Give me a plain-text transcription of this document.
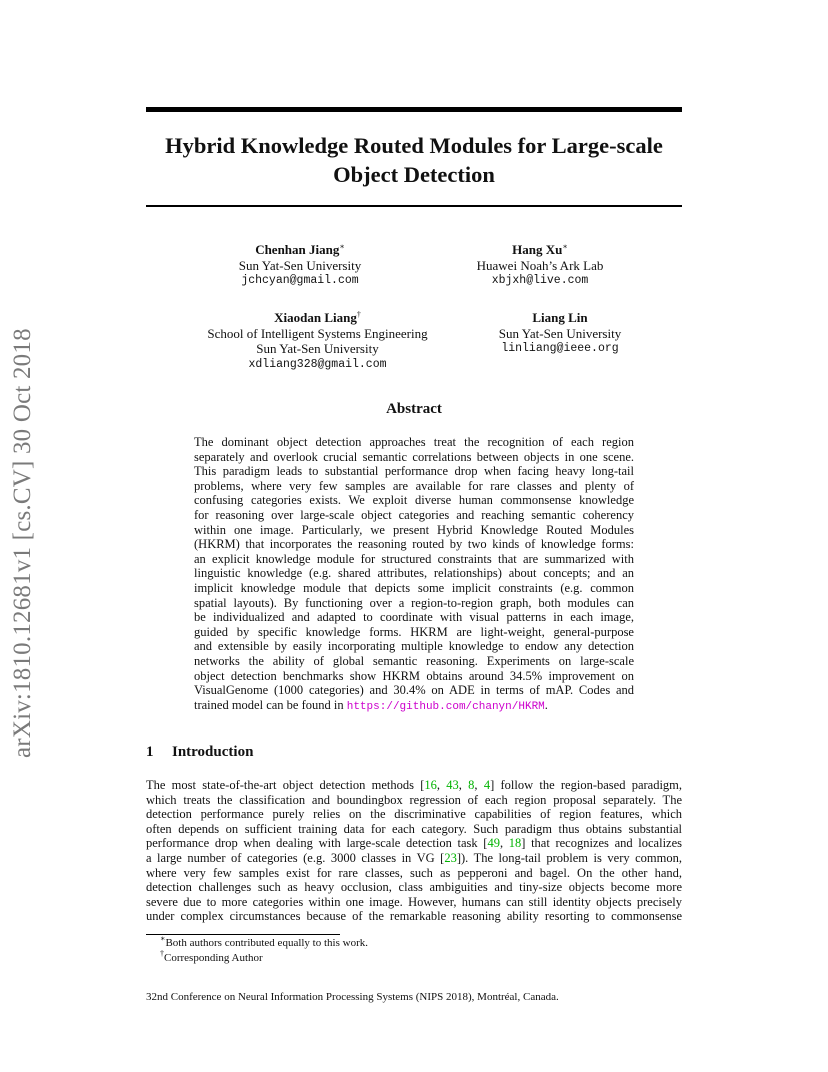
arXiv:1810.12681v1 [cs.CV] 30 Oct 2018
Hybrid Knowledge Routed Modules for Large-scale
Object Detection
Chenhan Jiang∗
Sun Yat-Sen University
jchcyan@gmail.com
Hang Xu∗
Huawei Noah’s Ark Lab
xbjxh@live.com
Xiaodan Liang†
School of Intelligent Systems Engineering
Sun Yat-Sen University
xdliang328@gmail.com
Liang Lin
Sun Yat-Sen University
linliang@ieee.org
Abstract
The dominant object detection approaches treat the recognition of each region
separately and overlook crucial semantic correlations between objects in one scene.
This paradigm leads to substantial performance drop when facing heavy long-tail
problems, where very few samples are available for rare classes and plenty of
confusing categories exists. We exploit diverse human commonsense knowledge
for reasoning over large-scale object categories and reaching semantic coherency
within one image. Particularly, we present Hybrid Knowledge Routed Modules
(HKRM) that incorporates the reasoning routed by two kinds of knowledge forms:
an explicit knowledge module for structured constraints that are summarized with
linguistic knowledge (e.g. shared attributes, relationships) about concepts; and an
implicit knowledge module that depicts some implicit constraints (e.g. common
spatial layouts). By functioning over a region-to-region graph, both modules can
be individualized and adapted to coordinate with visual patterns in each image,
guided by specific knowledge forms. HKRM are light-weight, general-purpose
and extensible by easily incorporating multiple knowledge to endow any detection
networks the ability of global semantic reasoning. Experiments on large-scale
object detection benchmarks show HKRM obtains around 34.5% improvement on
VisualGenome (1000 categories) and 30.4% on ADE in terms of mAP. Codes and
trained model can be found in https://github.com/chanyn/HKRM.
1 Introduction
The most state-of-the-art object detection methods [16, 43, 8, 4] follow the region-based paradigm,
which treats the classification and boundingbox regression of each region proposal separately. The
detection performance purely relies on the discriminative capabilities of region features, which
often depends on sufficient training data for each category. Such paradigm thus obtains substantial
performance drop when dealing with large-scale detection task [49, 18] that recognizes and localizes
a large number of categories (e.g. 3000 classes in VG [23]). The long-tail problem is very common,
where very few samples exist for rare classes, such as pepperoni and bagel. On the other hand,
detection challenges such as heavy occlusion, class ambiguities and tiny-size objects become more
severe due to more categories within one image. However, humans can still identity objects precisely
under complex circumstances because of the remarkable reasoning ability resorting to commonsense
∗Both authors contributed equally to this work.
†Corresponding Author
32nd Conference on Neural Information Processing Systems (NIPS 2018), Montréal, Canada.
